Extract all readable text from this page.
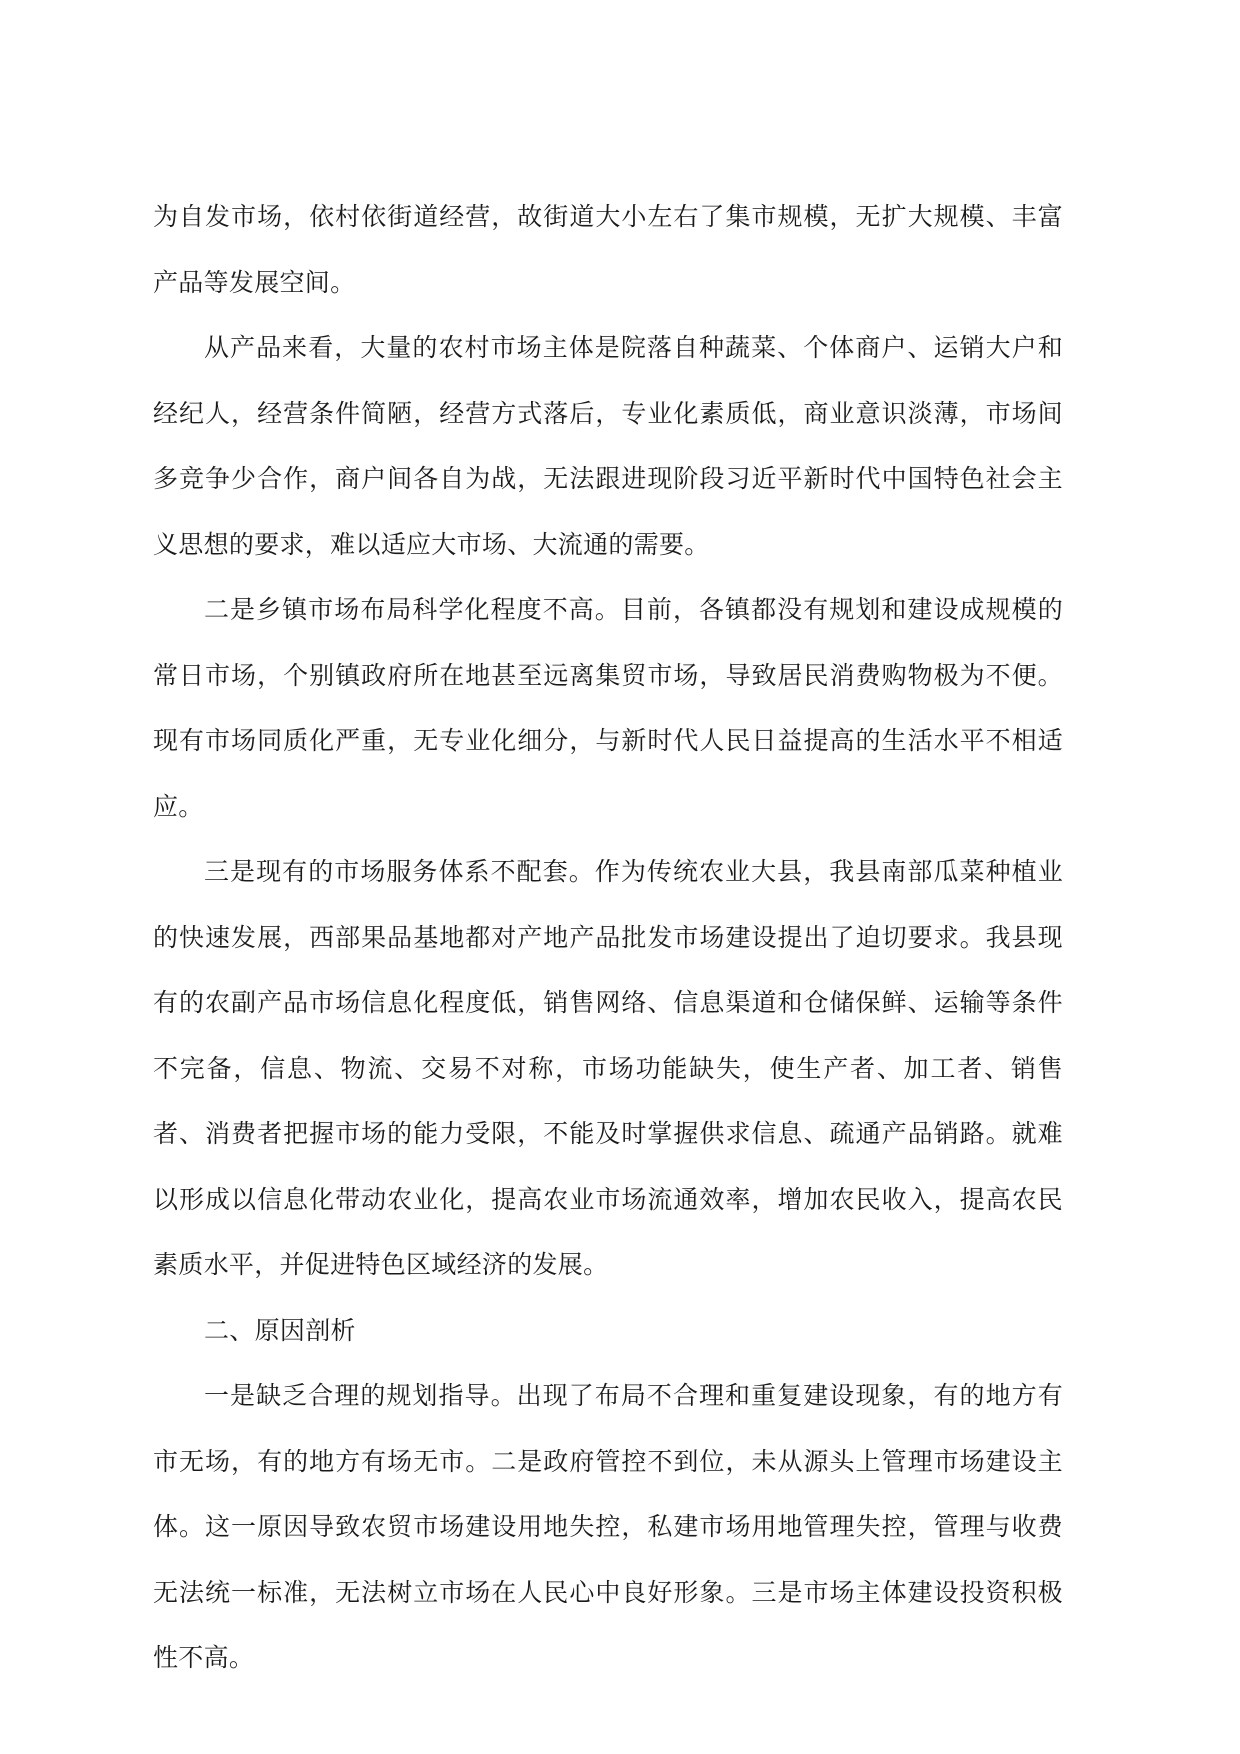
为自发市场，依村依街道经营，故街道大小左右了集市规模，无扩大规模、丰富产品等发展空间。

从产品来看，大量的农村市场主体是院落自种蔬菜、个体商户、运销大户和经纪人，经营条件简陋，经营方式落后，专业化素质低，商业意识淡薄，市场间多竞争少合作，商户间各自为战，无法跟进现阶段习近平新时代中国特色社会主义思想的要求，难以适应大市场、大流通的需要。

二是乡镇市场布局科学化程度不高。目前，各镇都没有规划和建设成规模的常日市场，个别镇政府所在地甚至远离集贸市场，导致居民消费购物极为不便。现有市场同质化严重，无专业化细分，与新时代人民日益提高的生活水平不相适应。

三是现有的市场服务体系不配套。作为传统农业大县，我县南部瓜菜种植业的快速发展，西部果品基地都对产地产品批发市场建设提出了迫切要求。我县现有的农副产品市场信息化程度低，销售网络、信息渠道和仓储保鲜、运输等条件不完备，信息、物流、交易不对称，市场功能缺失，使生产者、加工者、销售者、消费者把握市场的能力受限，不能及时掌握供求信息、疏通产品销路。就难以形成以信息化带动农业化，提高农业市场流通效率，增加农民收入，提高农民素质水平，并促进特色区域经济的发展。

二、原因剖析

一是缺乏合理的规划指导。出现了布局不合理和重复建设现象，有的地方有市无场，有的地方有场无市。二是政府管控不到位，未从源头上管理市场建设主体。这一原因导致农贸市场建设用地失控，私建市场用地管理失控，管理与收费无法统一标准，无法树立市场在人民心中良好形象。三是市场主体建设投资积极性不高。
